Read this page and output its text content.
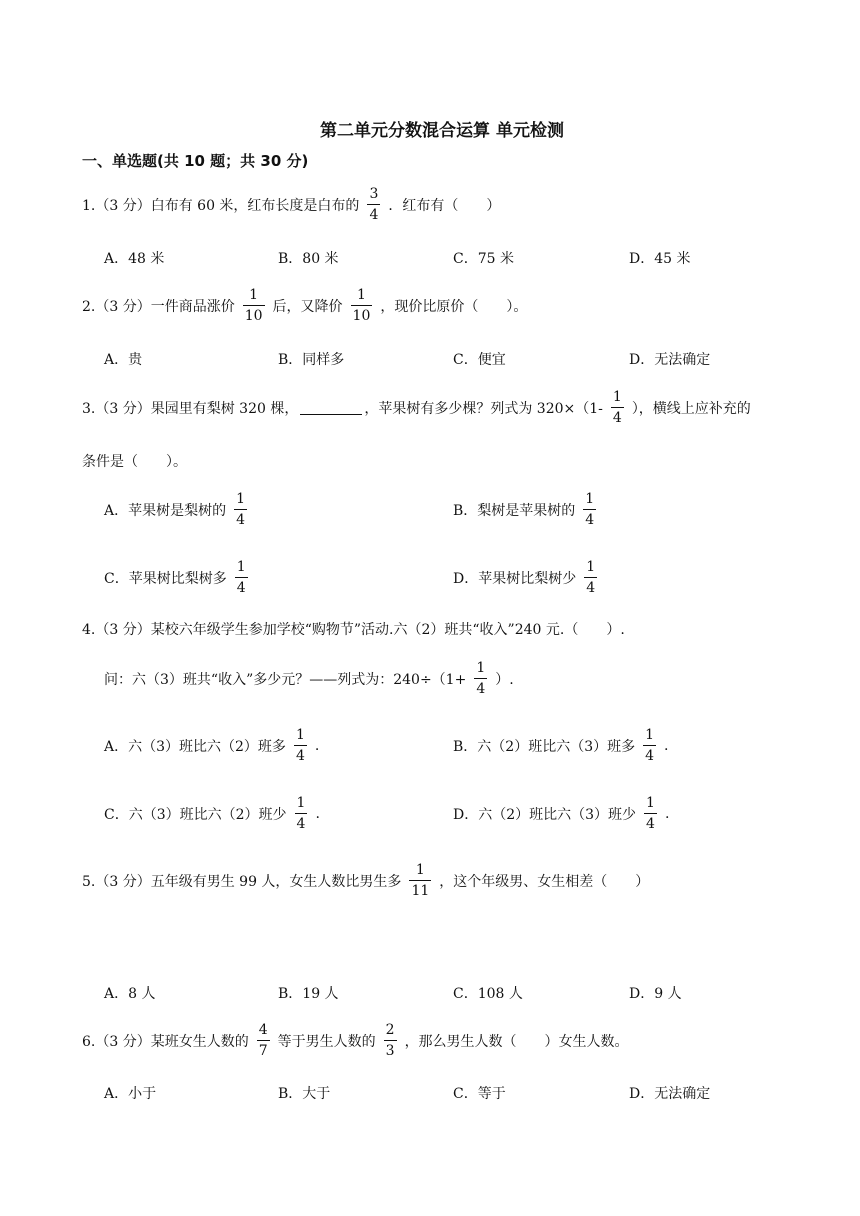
第二单元分数混合运算 单元检测
一、单选题(共 10 题；共 30 分)
1.（3 分）白布有 60 米，红布长度是白布的 $\frac{3}{4}$ ．红布有（　　）
A．48 米	B．80 米	C．75 米	D．45 米
2.（3 分）一件商品涨价 $\frac{1}{10}$ 后，又降价 $\frac{1}{10}$ ，现价比原价（　　）。
A．贵	B．同样多	C．便宜	D．无法确定
3.（3 分）果园里有梨树 320 棵，	，苹果树有多少棵？列式为 $320\times(1- \frac{1}{4}$ ），横线上应补充的
条件是（　　）。
A．苹果树是梨树的 $\frac{1}{4}$	B．梨树是苹果树的 $\frac{1}{4}$
C．苹果树比梨树多 $\frac{1}{4}$	D．苹果树比梨树少 $\frac{1}{4}$
4.（3 分）某校六年级学生参加学校“购物节”活动.六（2）班共“收入”240 元.（　　）.
问：六（3）班共“收入”多少元？——列式为：$240\div(1+ \frac{1}{4}$ ）.
A．六（3）班比六（2）班多 $\frac{1}{4}$ .	B．六（2）班比六（3）班多 $\frac{1}{4}$ .
C．六（3）班比六（2）班少 $\frac{1}{4}$ .	D．六（2）班比六（3）班少 $\frac{1}{4}$ .
5.（3 分）五年级有男生 99 人，女生人数比男生多 $\frac{1}{11}$ ，这个年级男、女生相差（　　）
A．8 人	B．19 人	C．108 人	D．9 人
6.（3 分）某班女生人数的 $\frac{4}{7}$ 等于男生人数的 $\frac{2}{3}$ ，那么男生人数（　　）女生人数。
A．小于	B．大于	C．等于	D．无法确定
